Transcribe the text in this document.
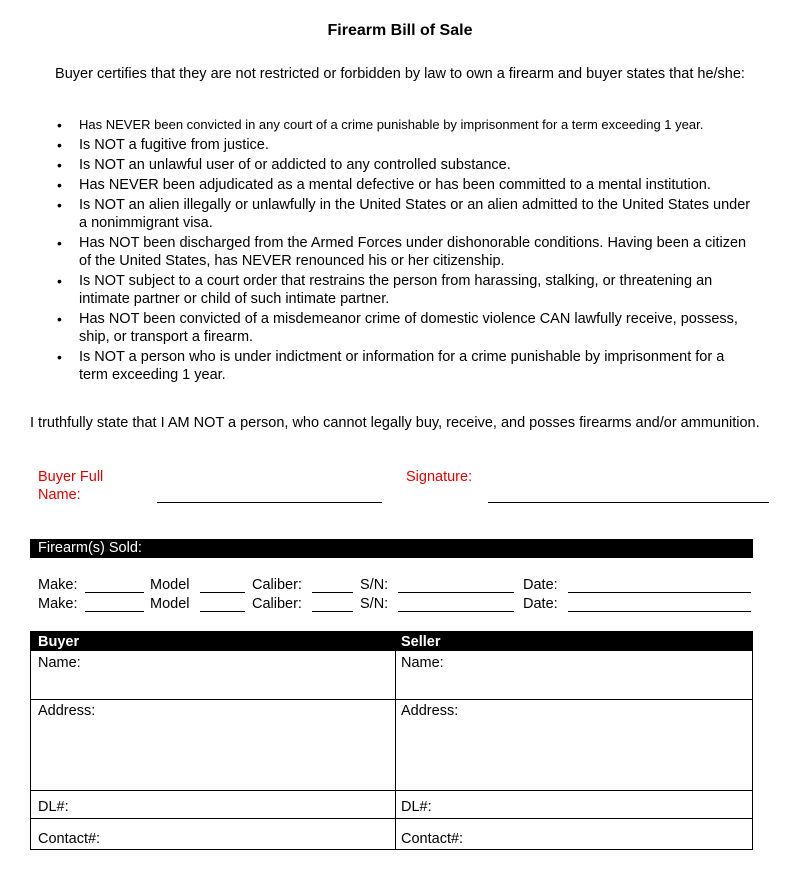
Firearm Bill of Sale
Buyer certifies that they are not restricted or forbidden by law to own a firearm and buyer states that he/she:
• Has NEVER been convicted in any court of a crime punishable by imprisonment for a term exceeding 1 year.
• Is NOT a fugitive from justice.
• Is NOT an unlawful user of or addicted to any controlled substance.
• Has NEVER been adjudicated as a mental defective or has been committed to a mental institution.
• Is NOT an alien illegally or unlawfully in the United States or an alien admitted to the United States under a nonimmigrant visa.
• Has NOT been discharged from the Armed Forces under dishonorable conditions. Having been a citizen of the United States, has NEVER renounced his or her citizenship.
• Is NOT subject to a court order that restrains the person from harassing, stalking, or threatening an intimate partner or child of such intimate partner.
• Has NOT been convicted of a misdemeanor crime of domestic violence CAN lawfully receive, possess, ship, or transport a firearm.
• Is NOT a person who is under indictment or information for a crime punishable by imprisonment for a term exceeding 1 year.
I truthfully state that I AM NOT a person, who cannot legally buy, receive, and posses firearms and/or ammunition.
Buyer Full Name:
Signature:
Firearm(s) Sold:
Make:	Model	Caliber:	S/N:	Date:
Make:	Model	Caliber:	S/N:	Date:
Buyer	Seller
Name:	Name:
Address:	Address:
DL#:	DL#:
Contact#:	Contact#:
